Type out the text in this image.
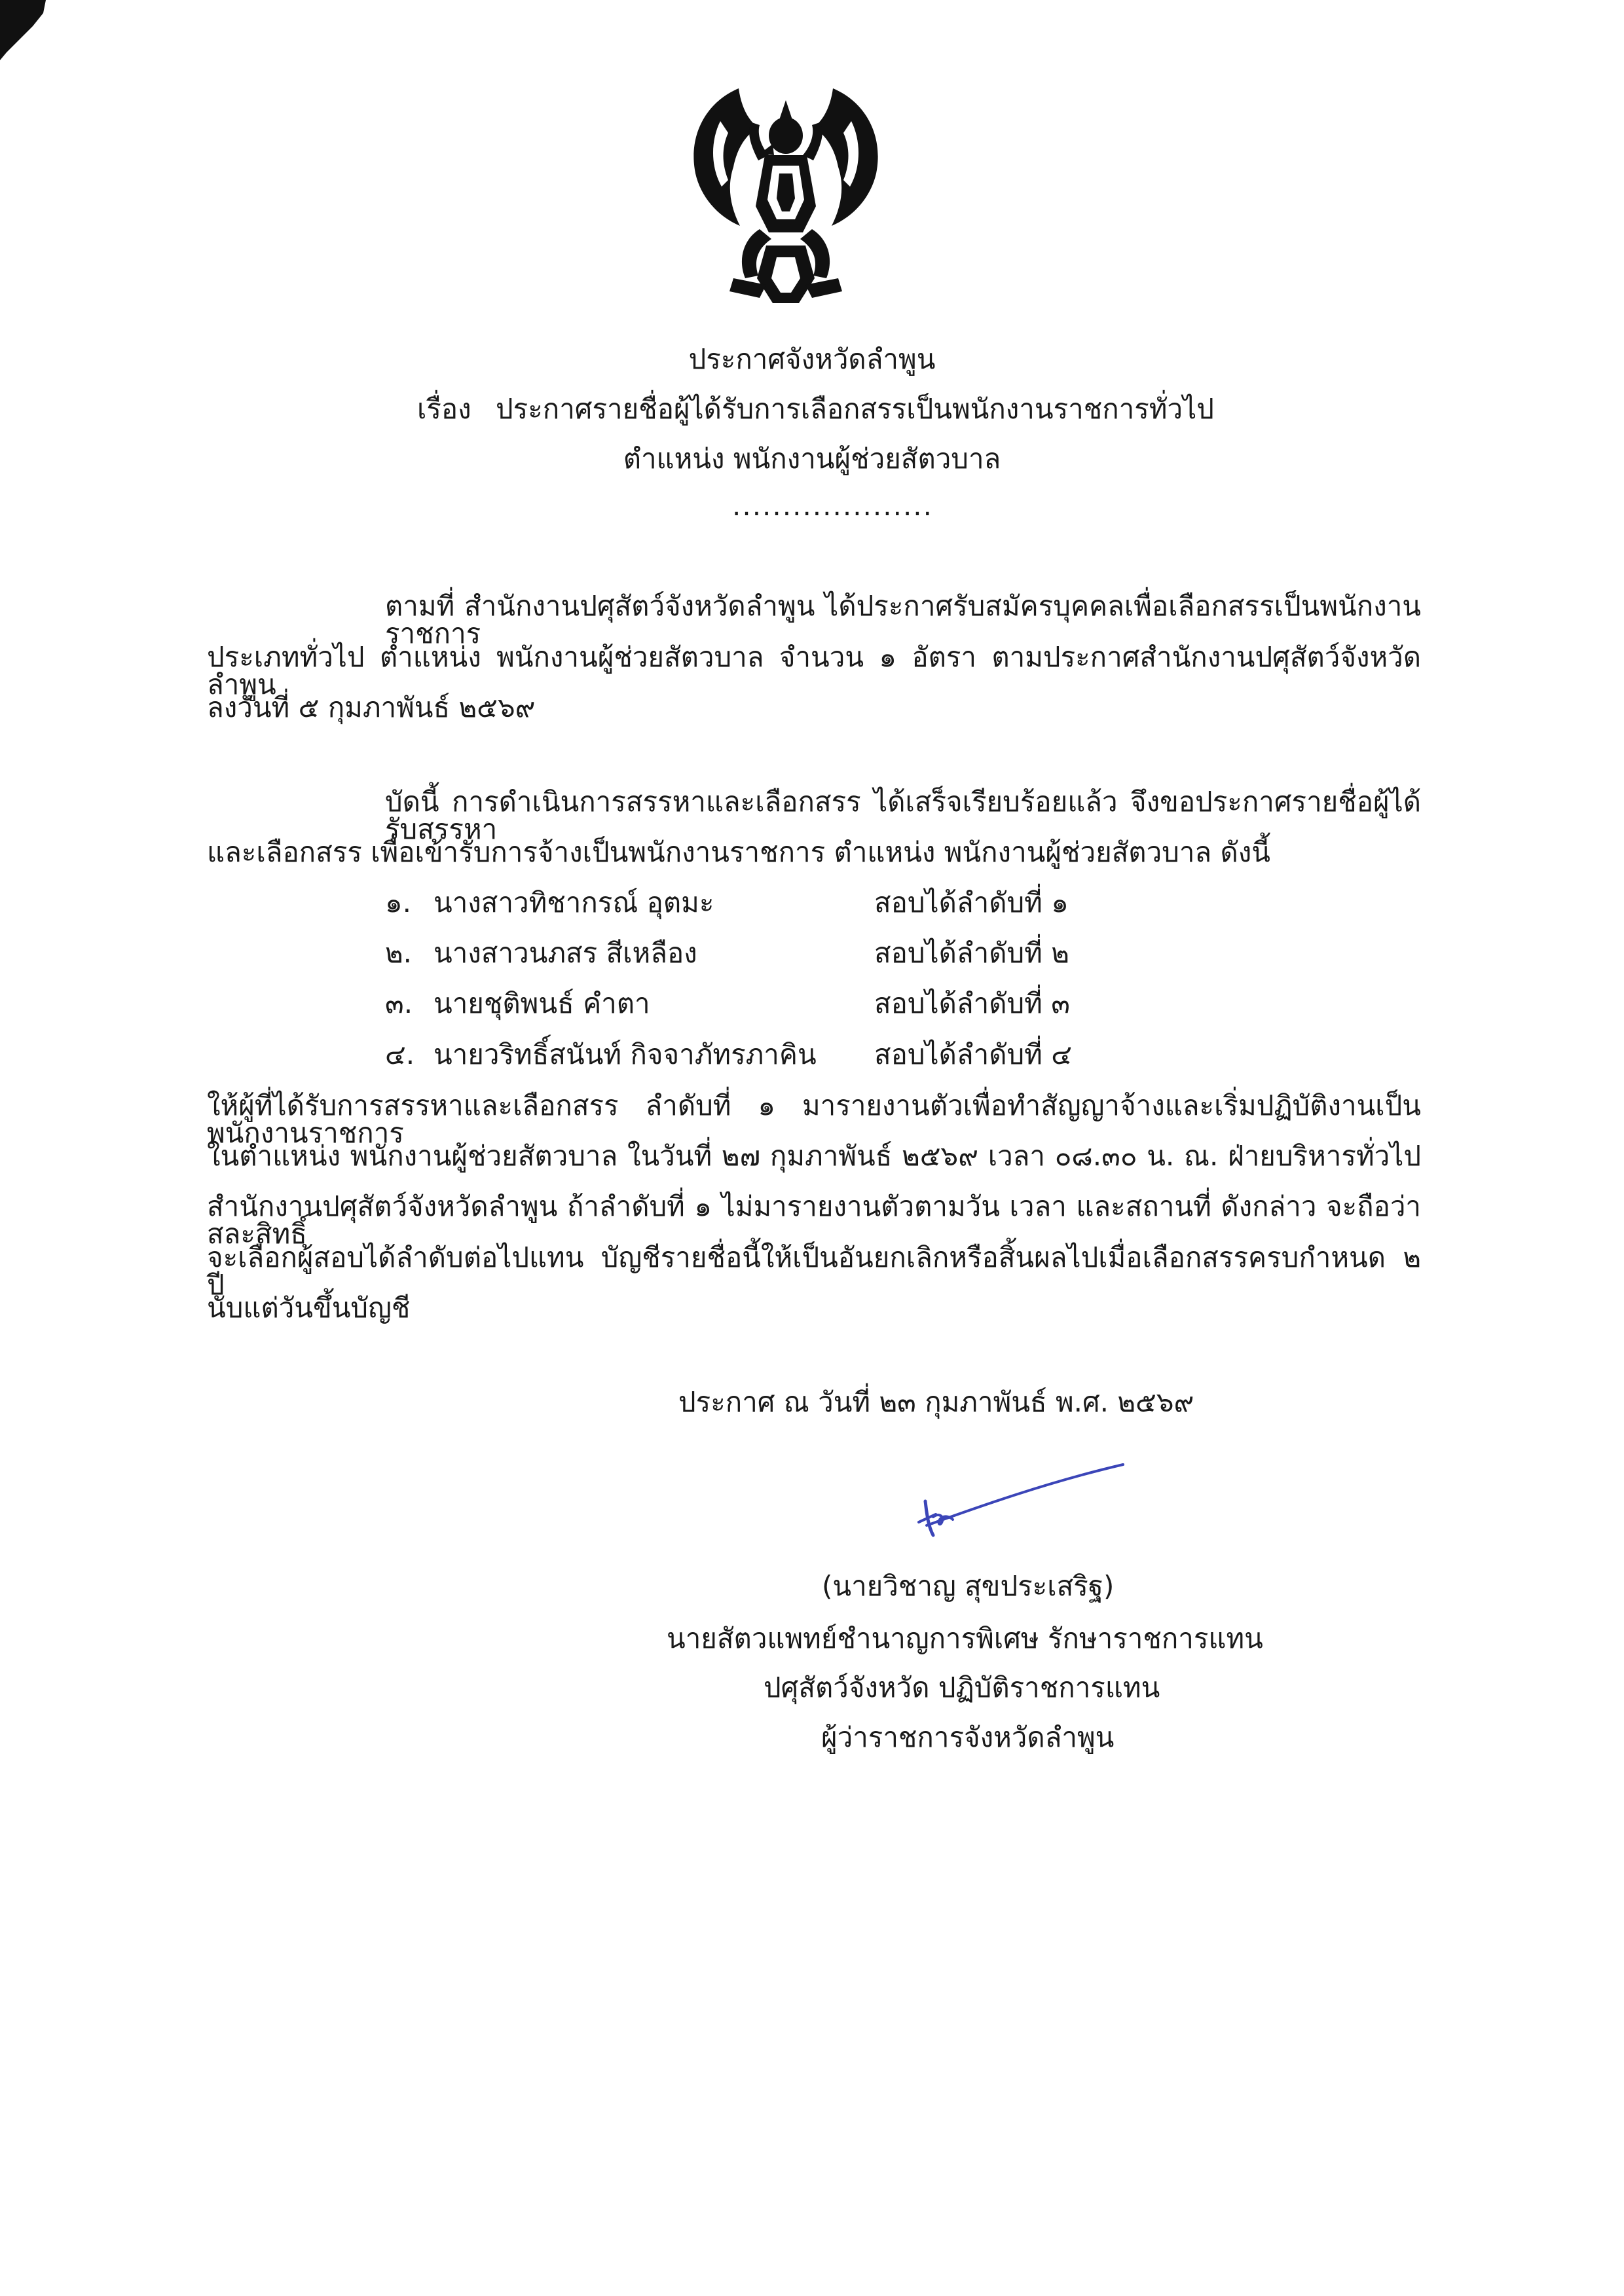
ประกาศจังหวัดลำพูน
เรื่อง ประกาศรายชื่อผู้ได้รับการเลือกสรรเป็นพนักงานราชการทั่วไป
ตำแหน่ง พนักงานผู้ช่วยสัตวบาล
....................
ตามที่ สำนักงานปศุสัตว์จังหวัดลำพูน ได้ประกาศรับสมัครบุคคลเพื่อเลือกสรรเป็นพนักงานราชการ
ประเภททั่วไป ตำแหน่ง พนักงานผู้ช่วยสัตวบาล จำนวน ๑ อัตรา ตามประกาศสำนักงานปศุสัตว์จังหวัดลำพูน
ลงวันที่ ๕ กุมภาพันธ์ ๒๕๖๙
บัดนี้ การดำเนินการสรรหาและเลือกสรร ได้เสร็จเรียบร้อยแล้ว จึงขอประกาศรายชื่อผู้ได้รับสรรหา
และเลือกสรร เพื่อเข้ารับการจ้างเป็นพนักงานราชการ ตำแหน่ง พนักงานผู้ช่วยสัตวบาล ดังนี้
๑. นางสาวทิชากรณ์ อุตมะ	สอบได้ลำดับที่ ๑
๒. นางสาวนภสร สีเหลือง	สอบได้ลำดับที่ ๒
๓. นายชุติพนธ์ คำตา	สอบได้ลำดับที่ ๓
๔. นายวริทธิ์สนันท์ กิจจาภัทรภาคิน สอบได้ลำดับที่ ๔
ให้ผู้ที่ได้รับการสรรหาและเลือกสรร ลำดับที่ ๑ มารายงานตัวเพื่อทำสัญญาจ้างและเริ่มปฏิบัติงานเป็นพนักงานราชการ
ในตำแหน่ง พนักงานผู้ช่วยสัตวบาล ในวันที่ ๒๗ กุมภาพันธ์ ๒๕๖๙ เวลา ๐๘.๓๐ น. ณ. ฝ่ายบริหารทั่วไป
สำนักงานปศุสัตว์จังหวัดลำพูน ถ้าลำดับที่ ๑ ไม่มารายงานตัวตามวัน เวลา และสถานที่ ดังกล่าว จะถือว่าสละสิทธิ์
จะเลือกผู้สอบได้ลำดับต่อไปแทน บัญชีรายชื่อนี้ให้เป็นอันยกเลิกหรือสิ้นผลไปเมื่อเลือกสรรครบกำหนด ๒ ปี
นับแต่วันขึ้นบัญชี
ประกาศ ณ วันที่ ๒๓ กุมภาพันธ์ พ.ศ. ๒๕๖๙
(นายวิชาญ สุขประเสริฐ)
นายสัตวแพทย์ชำนาญการพิเศษ รักษาราชการแทน
ปศุสัตว์จังหวัด ปฏิบัติราชการแทน
ผู้ว่าราชการจังหวัดลำพูน
